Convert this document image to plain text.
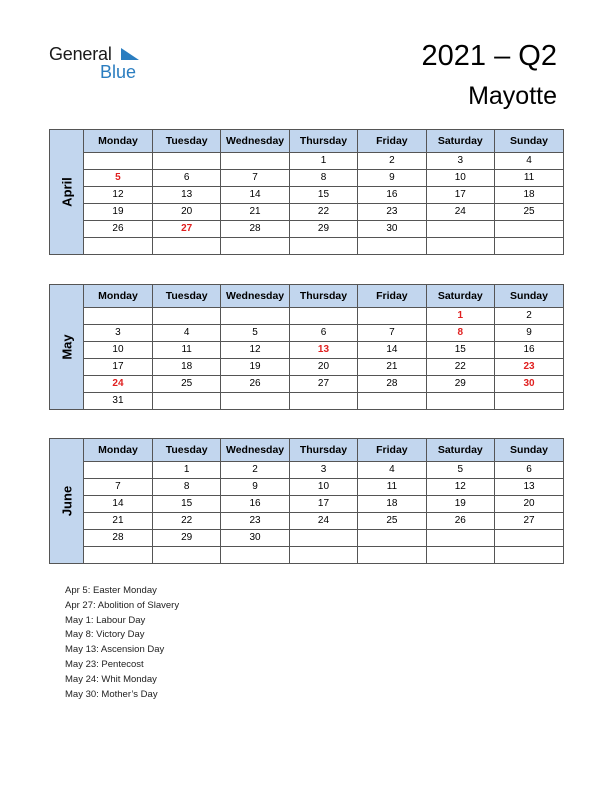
General
Blue	2021 – Q2
Mayotte
April
Monday	Tuesday	Wednesday	Thursday	Friday	Saturday	Sunday
			1	2	3	4
5	6	7	8	9	10	11
12	13	14	15	16	17	18
19	20	21	22	23	24	25
26	27	28	29	30		

May
Monday	Tuesday	Wednesday	Thursday	Friday	Saturday	Sunday
					1	2
3	4	5	6	7	8	9
10	11	12	13	14	15	16
17	18	19	20	21	22	23
24	25	26	27	28	29	30
31						
June
Monday	Tuesday	Wednesday	Thursday	Friday	Saturday	Sunday
	1	2	3	4	5	6
7	8	9	10	11	12	13
14	15	16	17	18	19	20
21	22	23	24	25	26	27
28	29	30				

Apr 5: Easter Monday
Apr 27: Abolition of Slavery
May 1: Labour Day
May 8: Victory Day
May 13: Ascension Day
May 23: Pentecost
May 24: Whit Monday
May 30: Mother’s Day
